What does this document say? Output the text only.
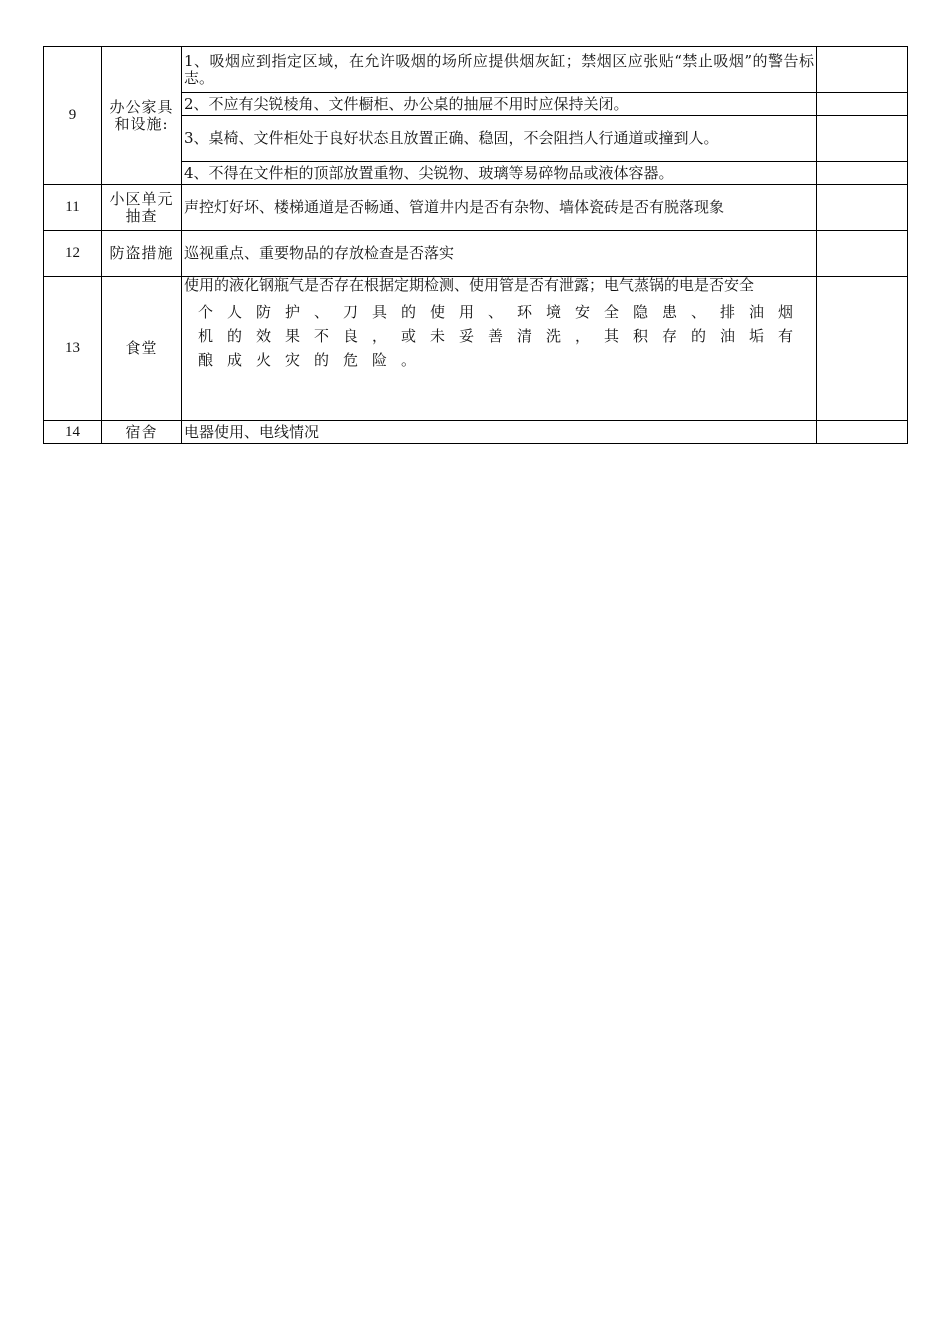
9	办公家具和设施:	1、吸烟应到指定区域，在允许吸烟的场所应提供烟灰缸；禁烟区应张贴“禁止吸烟”的警告标志。	
		2、不应有尖锐棱角、文件橱柜、办公桌的抽屉不用时应保持关闭。	
		3、桌椅、文件柜处于良好状态且放置正确、稳固，不会阻挡人行通道或撞到人。	
		4、不得在文件柜的顶部放置重物、尖锐物、玻璃等易碎物品或液体容器。	
11	小区单元抽查	声控灯好坏、楼梯通道是否畅通、管道井内是否有杂物、墙体瓷砖是否有脱落现象	
12	防盗措施	巡视重点、重要物品的存放检查是否落实	
13	食堂	使用的液化钢瓶气是否存在根据定期检测、使用管是否有泄露；电气蒸锅的电是否安全
个人防护、刀具的使用、环境安全隐患、排油烟机的效果不良，或未妥善清洗，其积存的油垢有酿成火灾的危险。	

14	宿舍	电器使用、电线情况	
